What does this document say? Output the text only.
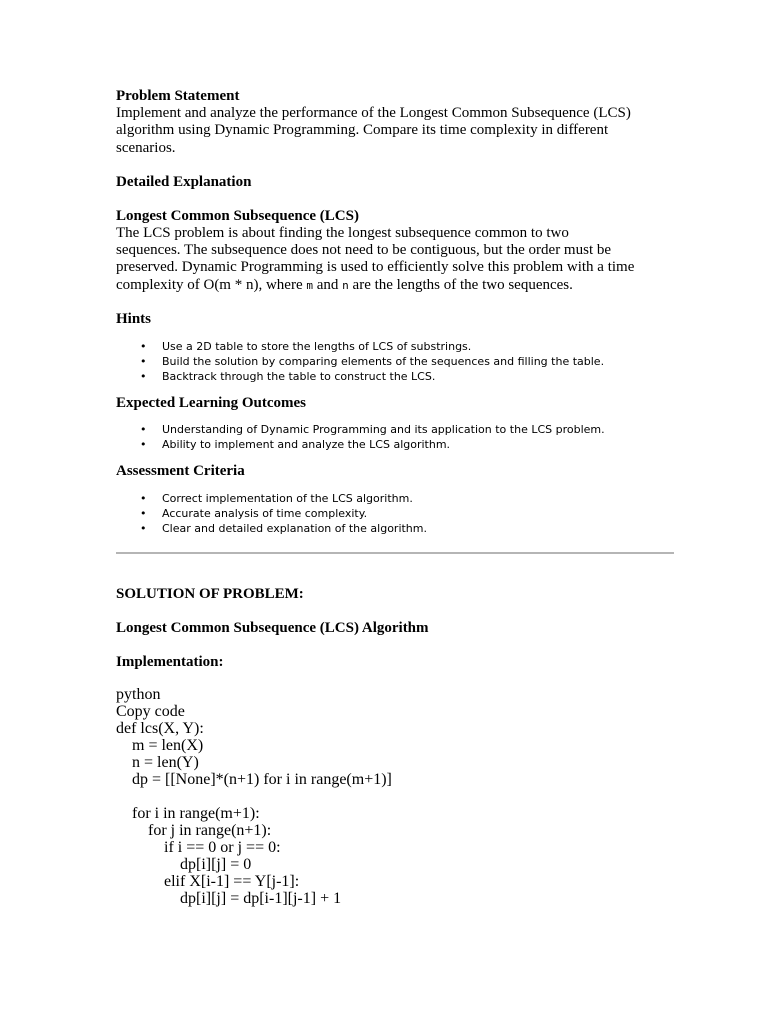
Problem Statement

Implement and analyze the performance of the Longest Common Subsequence (LCS)

algorithm using Dynamic Programming. Compare its time complexity in different

scenarios.

Detailed Explanation

Longest Common Subsequence (LCS)

The LCS problem is about finding the longest subsequence common to two

sequences. The subsequence does not need to be contiguous, but the order must be

preserved. Dynamic Programming is used to efficiently solve this problem with a time

complexity of O(m * n), where m and n are the lengths of the two sequences.

Hints

• Use a 2D table to store the lengths of LCS of substrings.
• Build the solution by comparing elements of the sequences and filling the table.
• Backtrack through the table to construct the LCS.

Expected Learning Outcomes

• Understanding of Dynamic Programming and its application to the LCS problem.
• Ability to implement and analyze the LCS algorithm.

Assessment Criteria

• Correct implementation of the LCS algorithm.
• Accurate analysis of time complexity.
• Clear and detailed explanation of the algorithm.

SOLUTION OF PROBLEM:

Longest Common Subsequence (LCS) Algorithm

Implementation:

python

Copy code

def lcs(X, Y):

m = len(X)

n = len(Y)

dp = [[None]*(n+1) for i in range(m+1)]

for i in range(m+1):

for j in range(n+1):

if i == 0 or j == 0:

dp[i][j] = 0

elif X[i-1] == Y[j-1]:

dp[i][j] = dp[i-1][j-1] + 1
